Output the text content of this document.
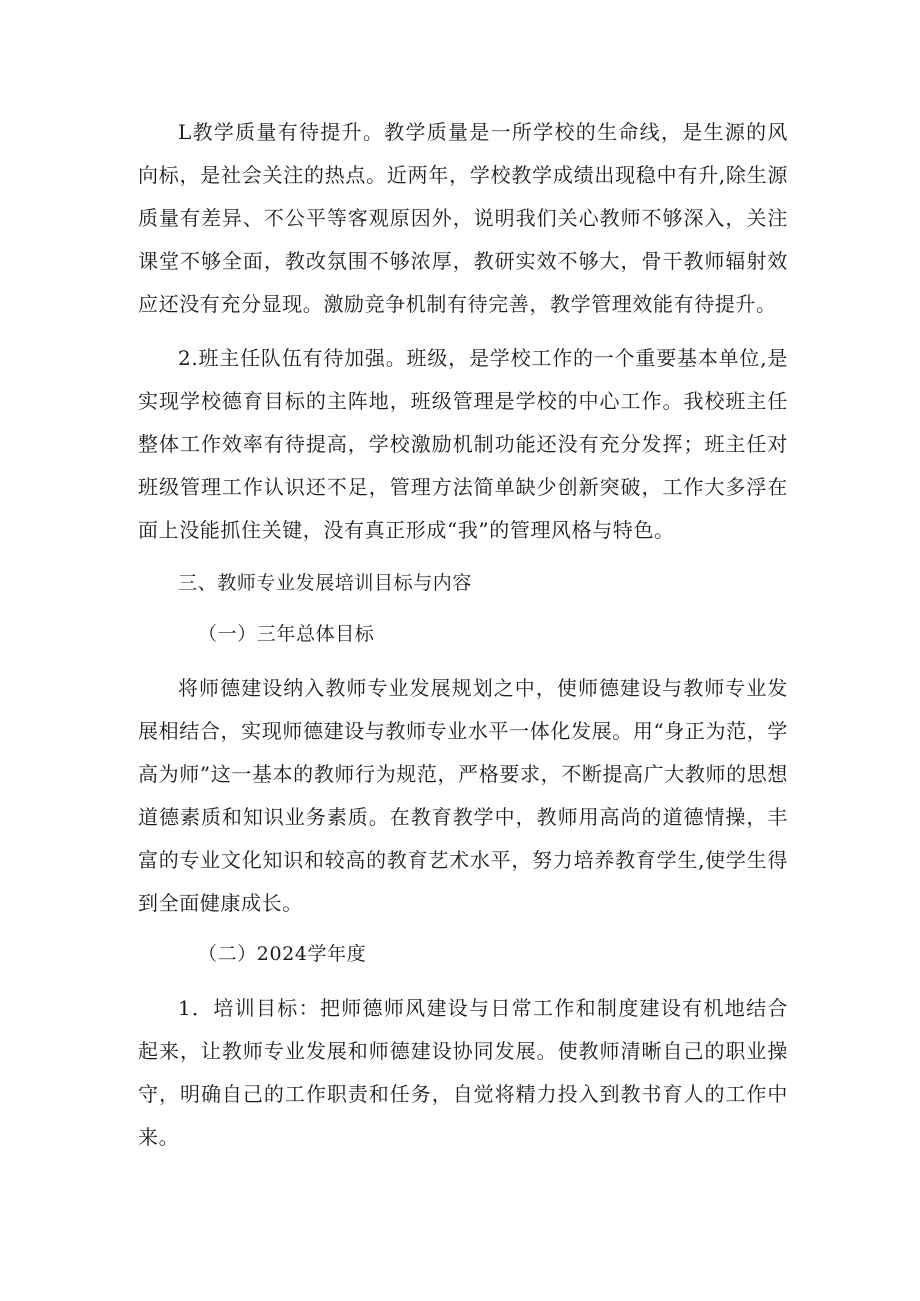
L教学质量有待提升。教学质量是一所学校的生命线，是生源的风向标，是社会关注的热点。近两年，学校教学成绩出现稳中有升,除生源质量有差异、不公平等客观原因外，说明我们关心教师不够深入，关注课堂不够全面，教改氛围不够浓厚，教研实效不够大，骨干教师辐射效应还没有充分显现。激励竞争机制有待完善，教学管理效能有待提升。

2.班主任队伍有待加强。班级，是学校工作的一个重要基本单位,是实现学校德育目标的主阵地，班级管理是学校的中心工作。我校班主任整体工作效率有待提高，学校激励机制功能还没有充分发挥；班主任对班级管理工作认识还不足，管理方法简单缺少创新突破，工作大多浮在面上没能抓住关键，没有真正形成“我”的管理风格与特色。

三、教师专业发展培训目标与内容

（一）三年总体目标

将师德建设纳入教师专业发展规划之中，使师德建设与教师专业发展相结合，实现师德建设与教师专业水平一体化发展。用“身正为范，学高为师”这一基本的教师行为规范，严格要求，不断提高广大教师的思想道德素质和知识业务素质。在教育教学中，教师用高尚的道德情操，丰富的专业文化知识和较高的教育艺术水平，努力培养教育学生,使学生得到全面健康成长。

（二）2024学年度

1．培训目标：把师德师风建设与日常工作和制度建设有机地结合起来，让教师专业发展和师德建设协同发展。使教师清晰自己的职业操守，明确自己的工作职责和任务，自觉将精力投入到教书育人的工作中来。
